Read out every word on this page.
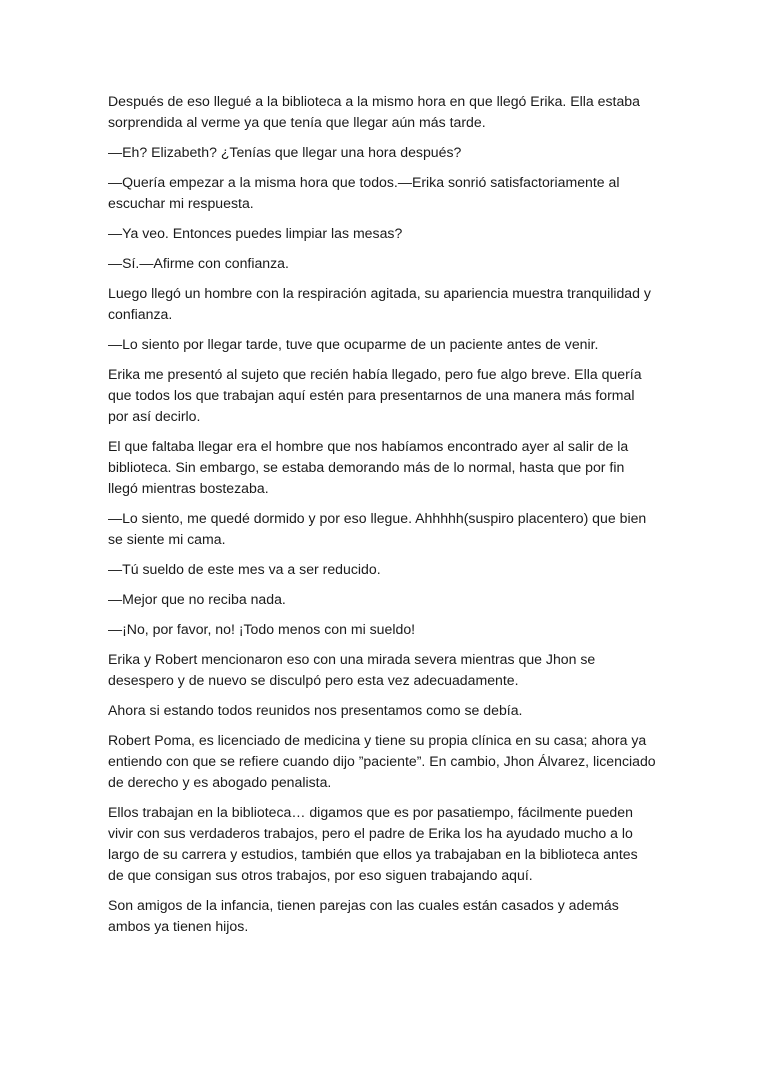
Después de eso llegué a la biblioteca a la mismo hora en que llegó Erika. Ella estaba sorprendida al verme ya que tenía que llegar aún más tarde.

—Eh? Elizabeth? ¿Tenías que llegar una hora después?

—Quería empezar a la misma hora que todos.—Erika sonrió satisfactoriamente al escuchar mi respuesta.

—Ya veo. Entonces puedes limpiar las mesas?

—Sí.—Afirme con confianza.

Luego llegó un hombre con la respiración agitada, su apariencia muestra tranquilidad y confianza.

—Lo siento por llegar tarde, tuve que ocuparme de un paciente antes de venir.

Erika me presentó al sujeto que recién había llegado, pero fue algo breve. Ella quería que todos los que trabajan aquí estén para presentarnos de una manera más formal por así decirlo.

El que faltaba llegar era el hombre que nos habíamos encontrado ayer al salir de la biblioteca. Sin embargo, se estaba demorando más de lo normal, hasta que por fin llegó mientras bostezaba.

—Lo siento, me quedé dormido y por eso llegue. Ahhhhh(suspiro placentero) que bien se siente mi cama.

—Tú sueldo de este mes va a ser reducido.

—Mejor que no reciba nada.

—¡No, por favor, no! ¡Todo menos con mi sueldo!

Erika y Robert mencionaron eso con una mirada severa mientras que Jhon se desespero y de nuevo se disculpó pero esta vez adecuadamente.

Ahora si estando todos reunidos nos presentamos como se debía.

Robert Poma, es licenciado de medicina y tiene su propia clínica en su casa; ahora ya entiendo con que se refiere cuando dijo ”paciente”. En cambio, Jhon Álvarez, licenciado de derecho y es abogado penalista.

Ellos trabajan en la biblioteca… digamos que es por pasatiempo, fácilmente pueden vivir con sus verdaderos trabajos, pero el padre de Erika los ha ayudado mucho a lo largo de su carrera y estudios, también que ellos ya trabajaban en la biblioteca antes de que consigan sus otros trabajos, por eso siguen trabajando aquí.

Son amigos de la infancia, tienen parejas con las cuales están casados y además ambos ya tienen hijos.
